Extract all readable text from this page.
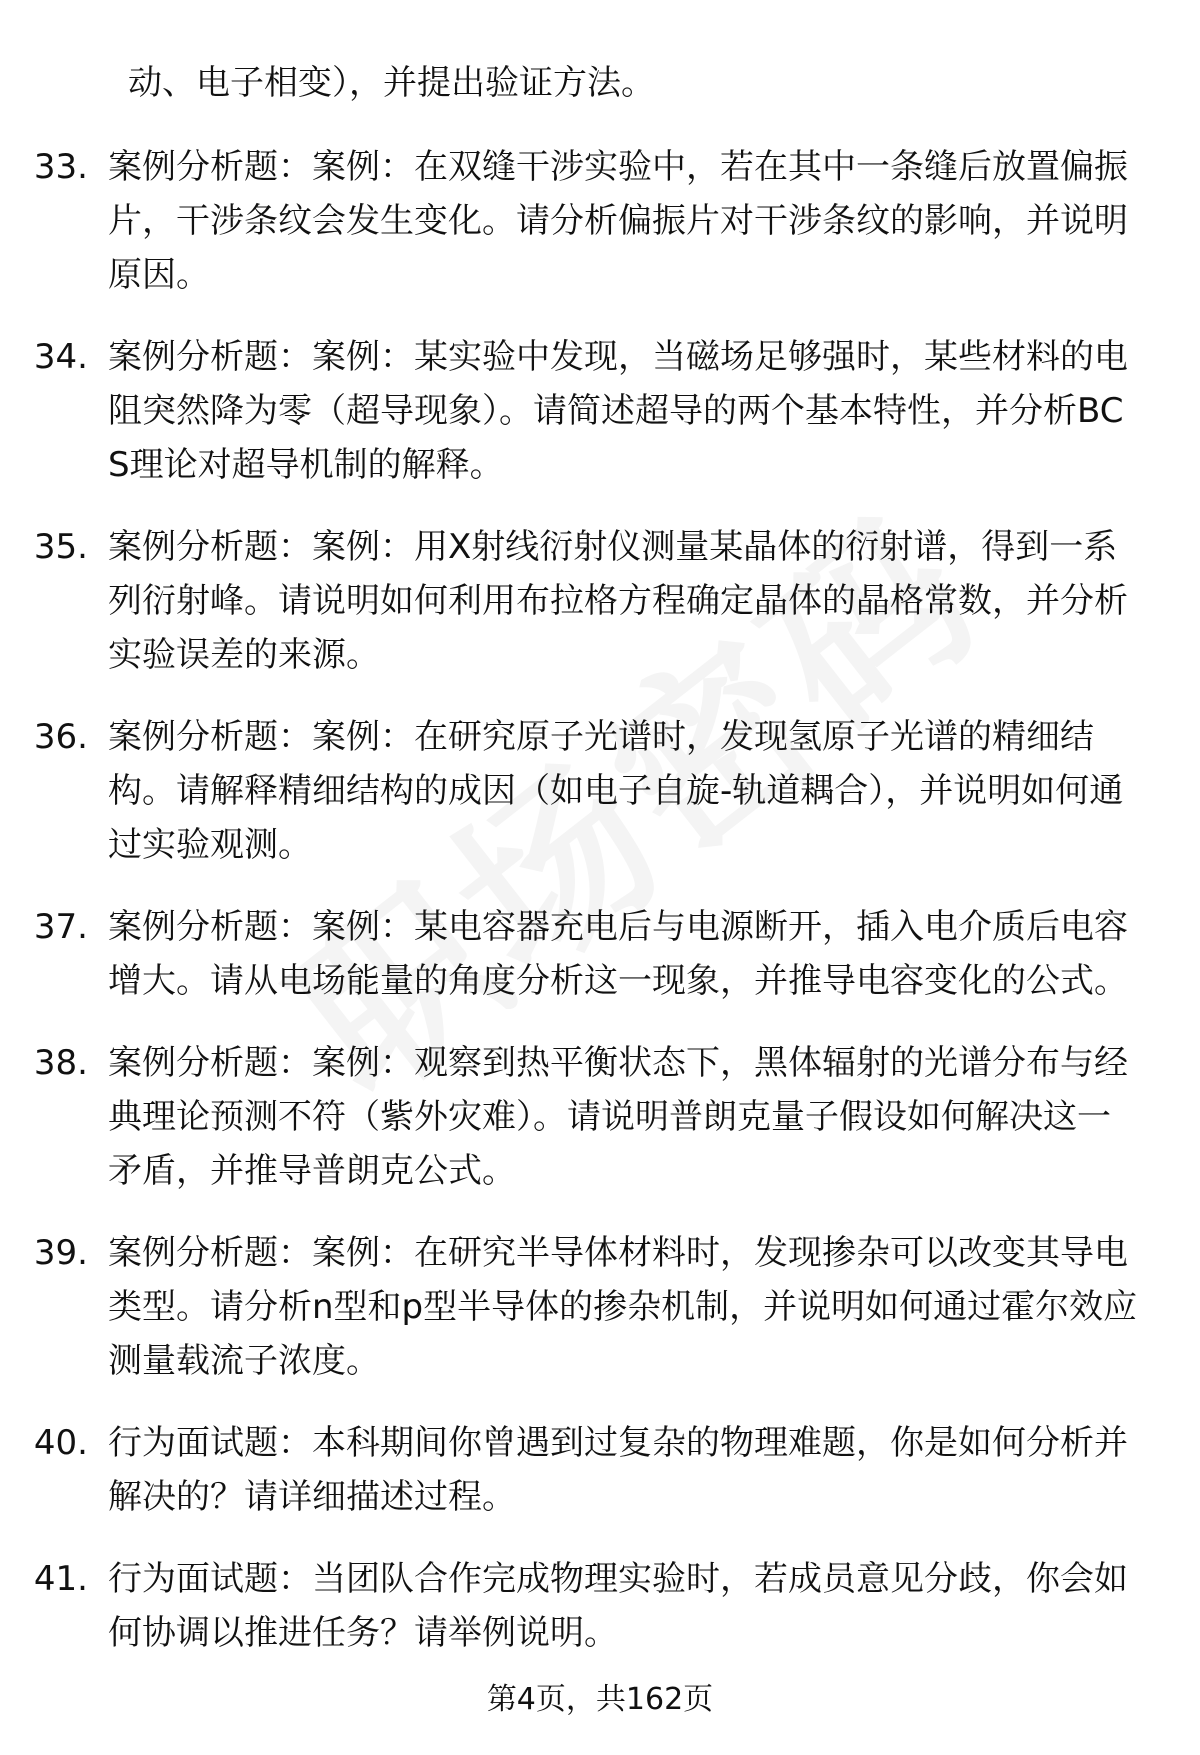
动、电子相变），并提出验证方法。
33. 案例分析题：案例：在双缝干涉实验中，若在其中一条缝后放置偏振片，干涉条纹会发生变化。请分析偏振片对干涉条纹的影响，并说明原因。
34. 案例分析题：案例：某实验中发现，当磁场足够强时，某些材料的电阻突然降为零（超导现象）。请简述超导的两个基本特性，并分析BCS理论对超导机制的解释。
35. 案例分析题：案例：用X射线衍射仪测量某晶体的衍射谱，得到一系列衍射峰。请说明如何利用布拉格方程确定晶体的晶格常数，并分析实验误差的来源。
36. 案例分析题：案例：在研究原子光谱时，发现氢原子光谱的精细结构。请解释精细结构的成因（如电子自旋-轨道耦合），并说明如何通过实验观测。
37. 案例分析题：案例：某电容器充电后与电源断开，插入电介质后电容增大。请从电场能量的角度分析这一现象，并推导电容变化的公式。
38. 案例分析题：案例：观察到热平衡状态下，黑体辐射的光谱分布与经典理论预测不符（紫外灾难）。请说明普朗克量子假设如何解决这一矛盾，并推导普朗克公式。
39. 案例分析题：案例：在研究半导体材料时，发现掺杂可以改变其导电类型。请分析n型和p型半导体的掺杂机制，并说明如何通过霍尔效应测量载流子浓度。
40. 行为面试题：本科期间你曾遇到过复杂的物理难题，你是如何分析并解决的？请详细描述过程。
41. 行为面试题：当团队合作完成物理实验时，若成员意见分歧，你会如何协调以推进任务？请举例说明。
第4页，共162页
